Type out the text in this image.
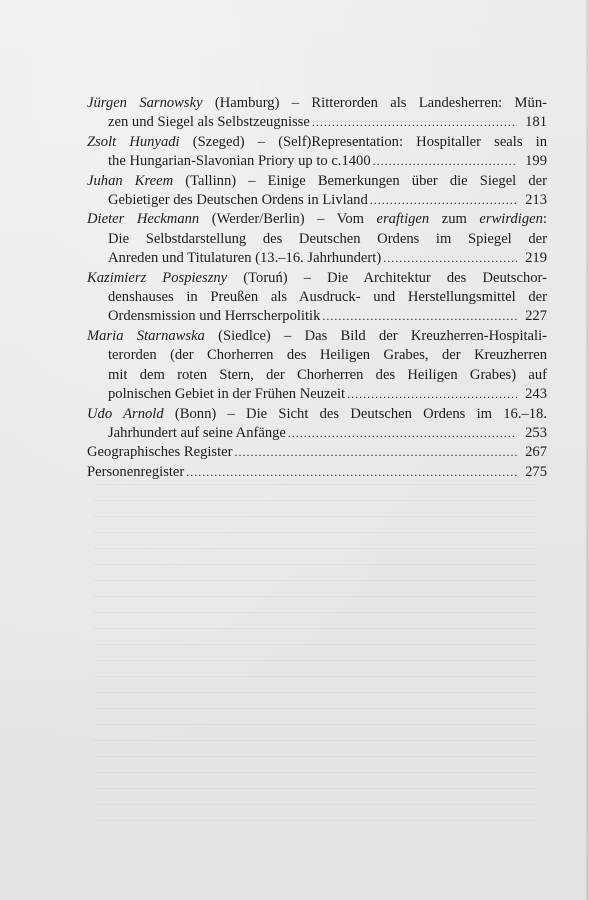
Jürgen Sarnowsky (Hamburg) – Ritterorden als Landesherren: Mün-
zen und Siegel als Selbstzeugnisse .....	181
Zsolt Hunyadi (Szeged) – (Self)Representation: Hospitaller seals in
the Hungarian-Slavonian Priory up to c.1400 .....	199
Juhan Kreem (Tallinn) – Einige Bemerkungen über die Siegel der
Gebietiger des Deutschen Ordens in Livland .....	213
Dieter Heckmann (Werder/Berlin) – Vom eraftigen zum erwirdigen:
Die Selbstdarstellung des Deutschen Ordens im Spiegel der
Anreden und Titulaturen (13.–16. Jahrhundert) .....	219
Kazimierz Pospieszny (Toruń) – Die Architektur des Deutschor-
denshauses in Preußen als Ausdruck- und Herstellungsmittel der
Ordensmission und Herrscherpolitik .....	227
Maria Starnawska (Siedlce) – Das Bild der Kreuzherren-Hospitali-
terorden (der Chorherren des Heiligen Grabes, der Kreuzherren
mit dem roten Stern, der Chorherren des Heiligen Grabes) auf
polnischen Gebiet in der Frühen Neuzeit .....	243
Udo Arnold (Bonn) – Die Sicht des Deutschen Ordens im 16.–18.
Jahrhundert auf seine Anfänge .....	253
Geographisches Register .....	267
Personenregister .....	275
